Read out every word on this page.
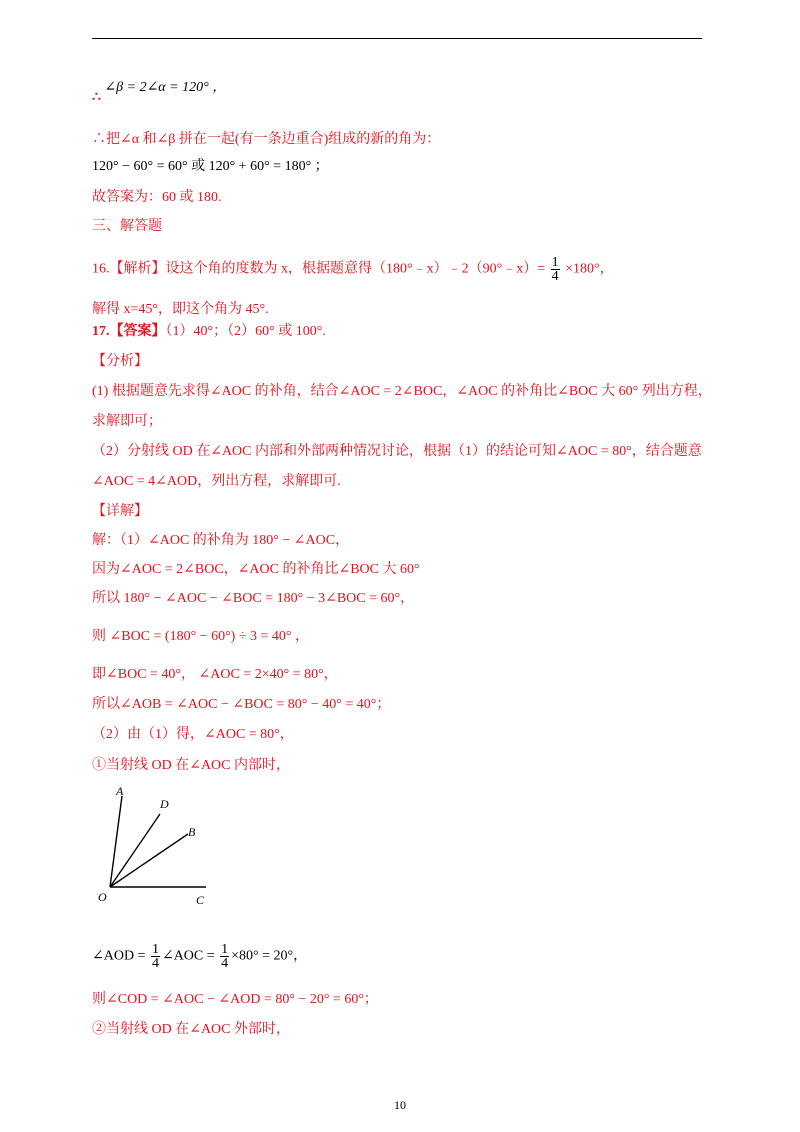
∴ ∠β = 2∠α = 120° ，
∴把∠α 和∠β 拼在一起(有一条边重合)组成的新的角为：
120° − 60° = 60° 或 120° + 60° = 180° ；
故答案为：60 或 180.
三、解答题
16.【解析】设这个角的度数为 x，根据题意得（180°﹣x）﹣2（90°﹣x）= $\frac{1}{4} \times 180^\circ$，
解得 x=45°，即这个角为 45°.
17.【答案】（1）40°；（2）60° 或 100°.
【分析】
(1) 根据题意先求得∠AOC 的补角，结合∠AOC = 2∠BOC，∠AOC 的补角比∠BOC 大 60° 列出方程，
求解即可；
（2）分射线 OD 在∠AOC 内部和外部两种情况讨论，根据（1）的结论可知∠AOC = 80°，结合题意
∠AOC = 4∠AOD，列出方程，求解即可.
【详解】
解：（1）∠AOC 的补角为 180° − ∠AOC，
因为∠AOC = 2∠BOC，∠AOC 的补角比∠BOC 大 60°
所以 180° − ∠AOC − ∠BOC = 180° − 3∠BOC = 60°，
则 ∠BOC = (180° − 60°) ÷ 3 = 40° ，
即∠BOC = 40°， ∠AOC = 2×40° = 80°，
所以∠AOB = ∠AOC − ∠BOC = 80° − 40° = 40°；
（2）由（1）得，∠AOC = 80°，
①当射线 OD 在∠AOC 内部时，
A
D
B
O	C
∠AOD = $\frac{1}{4}$ ∠AOC = $\frac{1}{4} \times 80^\circ = 20^\circ$，
则∠COD = ∠AOC − ∠AOD = 80° − 20° = 60°；
②当射线 OD 在∠AOC 外部时，
10
